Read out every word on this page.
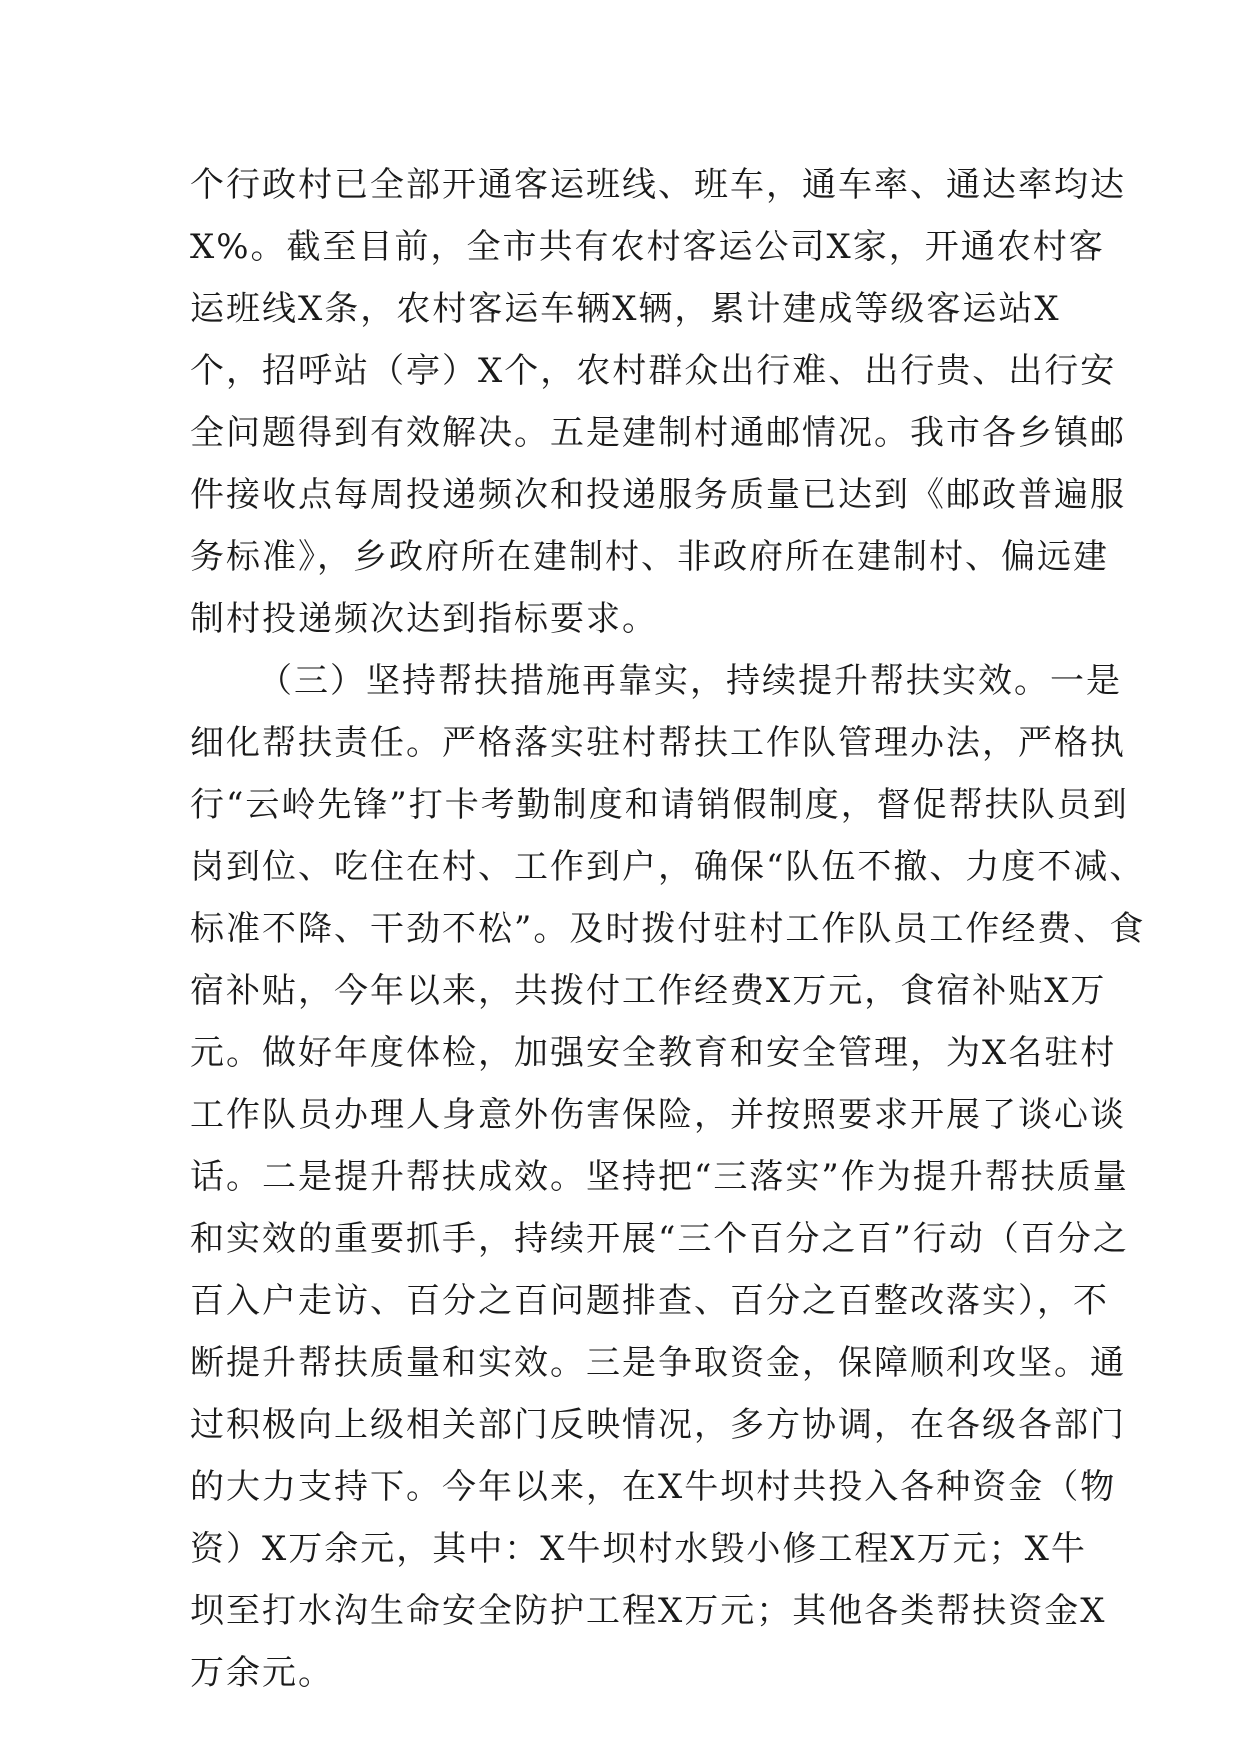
个行政村已全部开通客运班线、班车，通车率、通达率均达
X%。截至目前，全市共有农村客运公司X家，开通农村客
运班线X条，农村客运车辆X辆，累计建成等级客运站X
个，招呼站（亭）X个，农村群众出行难、出行贵、出行安
全问题得到有效解决。五是建制村通邮情况。我市各乡镇邮
件接收点每周投递频次和投递服务质量已达到《邮政普遍服
务标准》，乡政府所在建制村、非政府所在建制村、偏远建
制村投递频次达到指标要求。
（三）坚持帮扶措施再靠实，持续提升帮扶实效。一是
细化帮扶责任。严格落实驻村帮扶工作队管理办法，严格执
行“云岭先锋”打卡考勤制度和请销假制度，督促帮扶队员到
岗到位、吃住在村、工作到户，确保“队伍不撤、力度不减、
标准不降、干劲不松”。及时拨付驻村工作队员工作经费、食
宿补贴，今年以来，共拨付工作经费X万元，食宿补贴X万
元。做好年度体检，加强安全教育和安全管理，为X名驻村
工作队员办理人身意外伤害保险，并按照要求开展了谈心谈
话。二是提升帮扶成效。坚持把“三落实”作为提升帮扶质量
和实效的重要抓手，持续开展“三个百分之百”行动（百分之
百入户走访、百分之百问题排查、百分之百整改落实），不
断提升帮扶质量和实效。三是争取资金，保障顺利攻坚。通
过积极向上级相关部门反映情况，多方协调，在各级各部门
的大力支持下。今年以来，在X牛坝村共投入各种资金（物
资）X万余元，其中：X牛坝村水毁小修工程X万元；X牛
坝至打水沟生命安全防护工程X万元；其他各类帮扶资金X
万余元。
